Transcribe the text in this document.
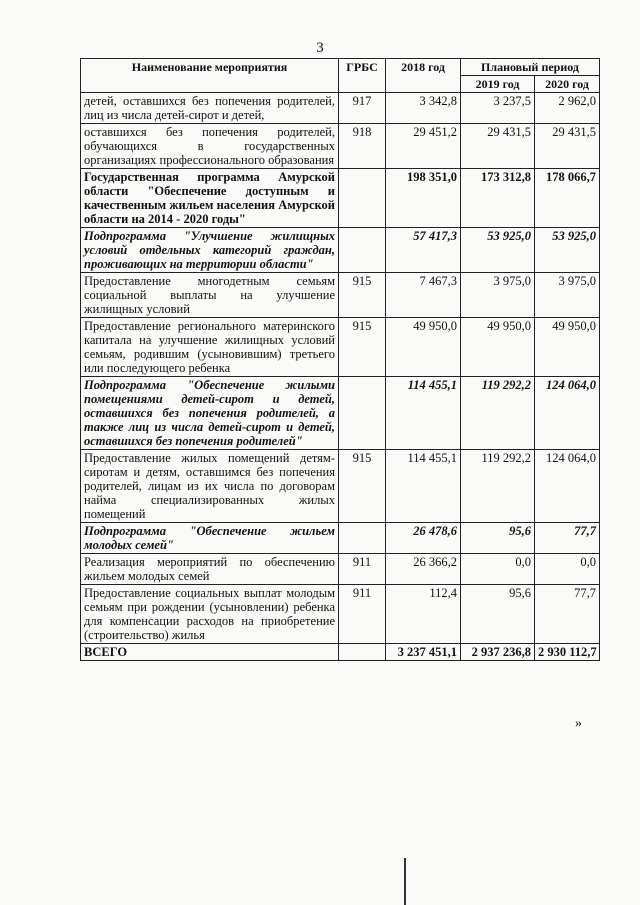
3
Наименование мероприятия	ГРБС	2018 год	Плановый период	
			2019 год	2020 год
детей, оставшихся без попечения родителей, лиц из числа детей-сирот и детей,	917	3 342,8	3 237,5	2 962,0
оставшихся без попечения родителей, обучающихся в государственных организациях профессионального образования	918	29 451,2	29 431,5	29 431,5
Государственная программа Амурской области "Обеспечение доступным и качественным жильем населения Амурской области на 2014 - 2020 годы"		198 351,0	173 312,8	178 066,7
Подпрограмма "Улучшение жилищных условий отдельных категорий граждан, проживающих на территории области"		57 417,3	53 925,0	53 925,0
Предоставление многодетным семьям социальной выплаты на улучшение жилищных условий	915	7 467,3	3 975,0	3 975,0
Предоставление регионального материнского капитала на улучшение жилищных условий семьям, родившим (усыновившим) третьего или последующего ребенка	915	49 950,0	49 950,0	49 950,0
Подпрограмма "Обеспечение жилыми помещениями детей-сирот и детей, оставшихся без попечения родителей, а также лиц из числа детей-сирот и детей, оставшихся без попечения родителей"		114 455,1	119 292,2	124 064,0
Предоставление жилых помещений детям-сиротам и детям, оставшимся без попечения родителей, лицам из их числа по договорам найма специализированных жилых помещений	915	114 455,1	119 292,2	124 064,0
Подпрограмма "Обеспечение жильем молодых семей"		26 478,6	95,6	77,7
Реализация мероприятий по обеспечению жильем молодых семей	911	26 366,2	0,0	0,0
Предоставление социальных выплат молодым семьям при рождении (усыновлении) ребенка для компенсации расходов на приобретение (строительство) жилья	911	112,4	95,6	77,7
ВСЕГО		3 237 451,1	2 937 236,8	2 930 112,7
»
